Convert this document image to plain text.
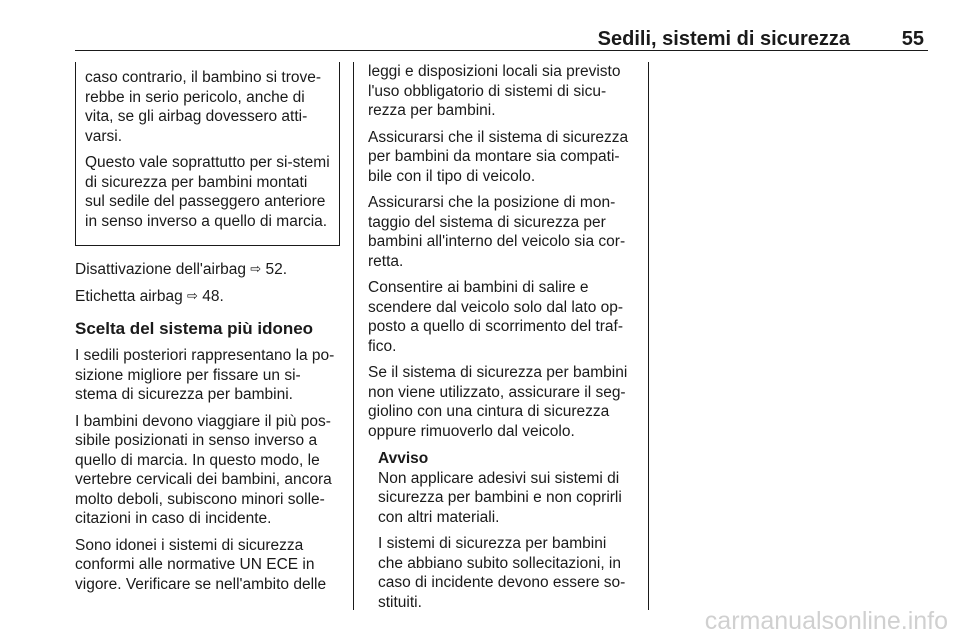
Sedili, sistemi di sicurezza	55

caso contrario, il bambino si trove-rebbe in serio pericolo, anche di vita, se gli airbag dovessero atti-varsi.

Questo vale soprattutto per si-stemi di sicurezza per bambini montati sul sedile del passeggero anteriore in senso inverso a quello di marcia.

Disattivazione dell'airbag ⇨ 52.

Etichetta airbag ⇨ 48.

Scelta del sistema più idoneo

I sedili posteriori rappresentano la po-sizione migliore per fissare un si-stema di sicurezza per bambini.

I bambini devono viaggiare il più pos-sibile posizionati in senso inverso a quello di marcia. In questo modo, le vertebre cervicali dei bambini, ancora molto deboli, subiscono minori solle-citazioni in caso di incidente.

Sono idonei i sistemi di sicurezza conformi alle normative UN ECE in vigore. Verificare se nell'ambito delle

leggi e disposizioni locali sia previsto l'uso obbligatorio di sistemi di sicu-rezza per bambini.

Assicurarsi che il sistema di sicurezza per bambini da montare sia compati-bile con il tipo di veicolo.

Assicurarsi che la posizione di mon-taggio del sistema di sicurezza per bambini all'interno del veicolo sia cor-retta.

Consentire ai bambini di salire e scendere dal veicolo solo dal lato op-posto a quello di scorrimento del traf-fico.

Se il sistema di sicurezza per bambini non viene utilizzato, assicurare il seg-giolino con una cintura di sicurezza oppure rimuoverlo dal veicolo.

Avviso

Non applicare adesivi sui sistemi di sicurezza per bambini e non coprirli con altri materiali.

I sistemi di sicurezza per bambini che abbiano subito sollecitazioni, in caso di incidente devono essere so-stituiti.

carmanualsonline.info
